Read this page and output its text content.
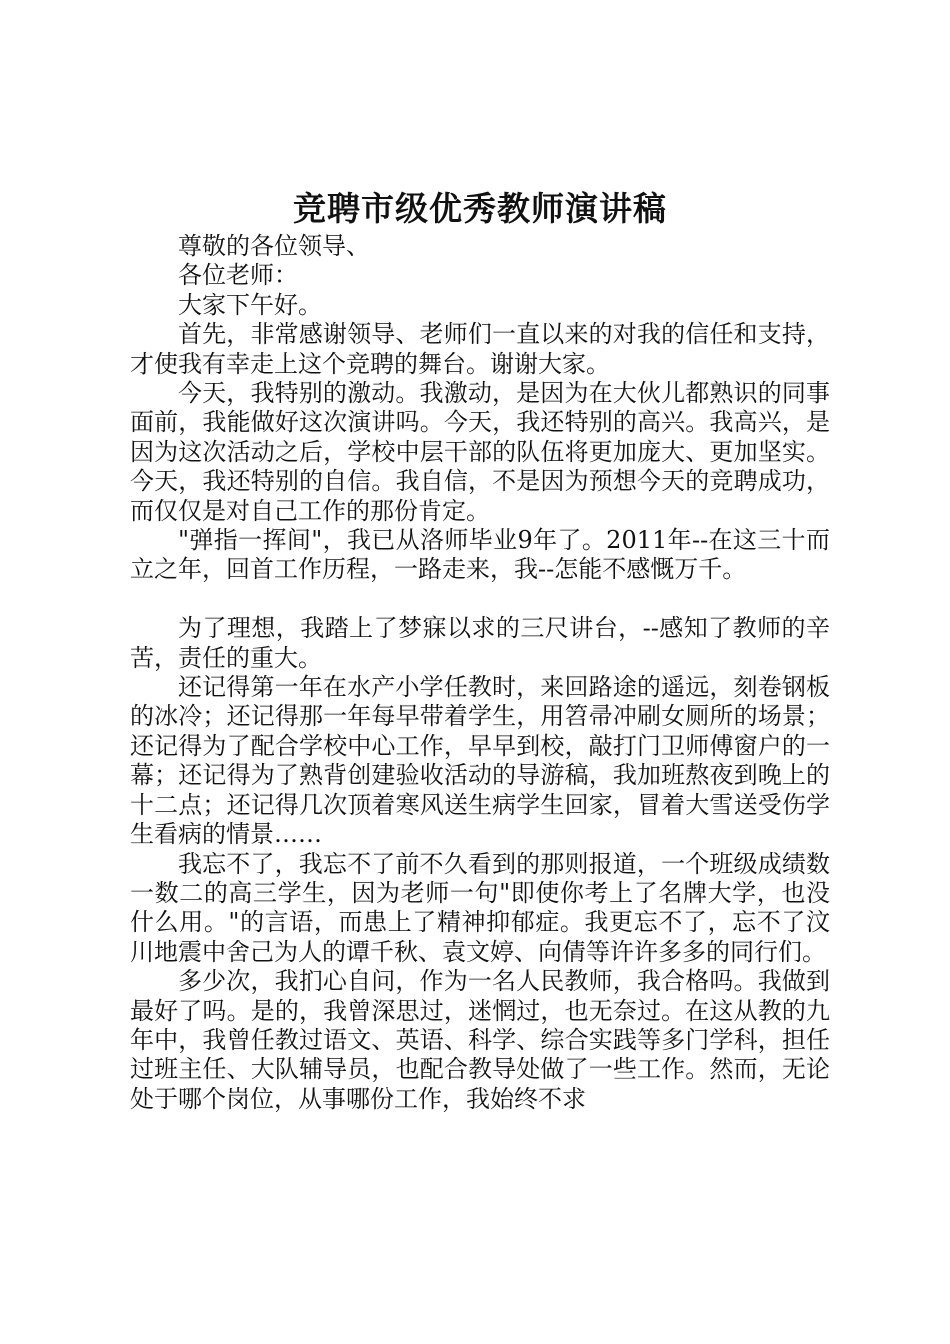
竞聘市级优秀教师演讲稿

尊敬的各位领导、

各位老师：

大家下午好。

首先，非常感谢领导、老师们一直以来的对我的信任和支持，才使我有幸走上这个竞聘的舞台。谢谢大家。

今天，我特别的激动。我激动，是因为在大伙儿都熟识的同事面前，我能做好这次演讲吗。今天，我还特别的高兴。我高兴，是因为这次活动之后，学校中层干部的队伍将更加庞大、更加坚实。今天，我还特别的自信。我自信，不是因为预想今天的竞聘成功，而仅仅是对自己工作的那份肯定。

"弹指一挥间"，我已从洛师毕业9年了。2011年--在这三十而立之年，回首工作历程，一路走来，我--怎能不感慨万千。

为了理想，我踏上了梦寐以求的三尺讲台，--感知了教师的辛苦，责任的重大。

还记得第一年在水产小学任教时，来回路途的遥远，刻卷钢板的冰冷；还记得那一年每早带着学生，用笤帚冲刷女厕所的场景；还记得为了配合学校中心工作，早早到校，敲打门卫师傅窗户的一幕；还记得为了熟背创建验收活动的导游稿，我加班熬夜到晚上的十二点；还记得几次顶着寒风送生病学生回家，冒着大雪送受伤学生看病的情景……

我忘不了，我忘不了前不久看到的那则报道，一个班级成绩数一数二的高三学生，因为老师一句"即使你考上了名牌大学，也没什么用。"的言语，而患上了精神抑郁症。我更忘不了，忘不了汶川地震中舍己为人的谭千秋、袁文婷、向倩等许许多多的同行们。

多少次，我扪心自问，作为一名人民教师，我合格吗。我做到最好了吗。是的，我曾深思过，迷惘过，也无奈过。在这从教的九年中，我曾任教过语文、英语、科学、综合实践等多门学科，担任过班主任、大队辅导员，也配合教导处做了一些工作。然而，无论处于哪个岗位，从事哪份工作，我始终不求
